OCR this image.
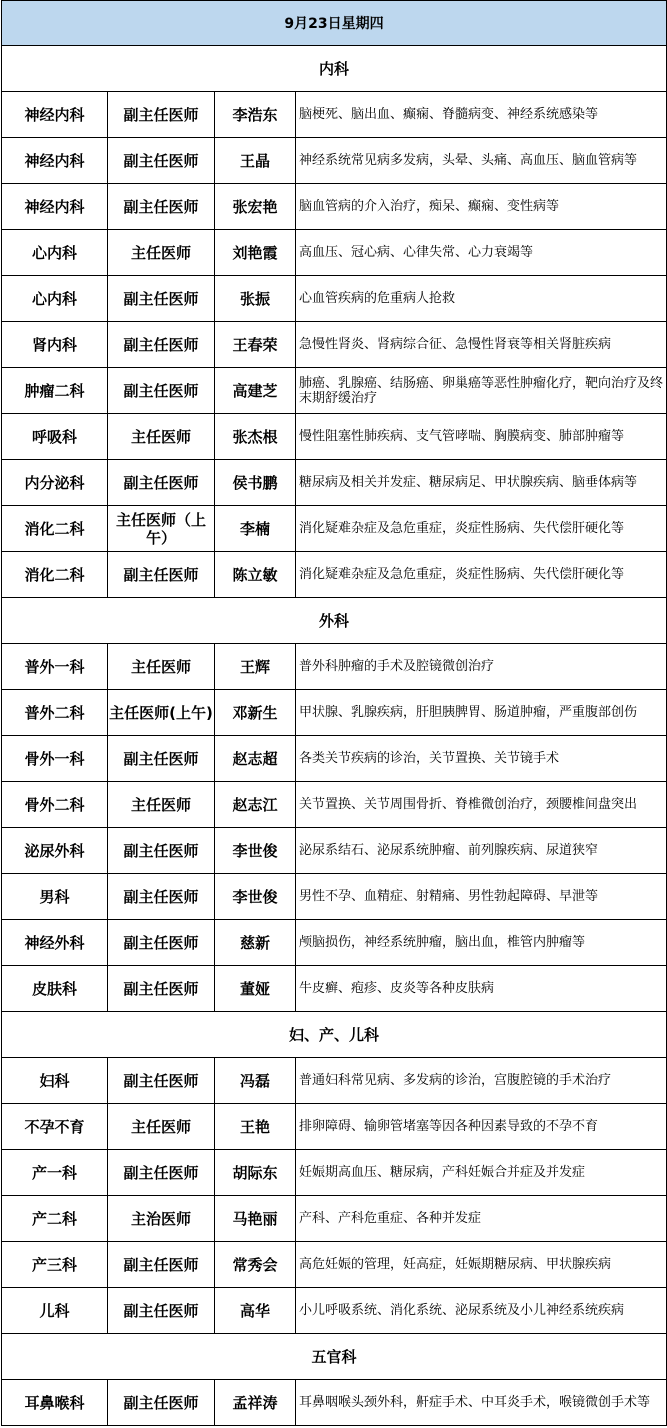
9月23日星期四			
内科			
神经内科	副主任医师	李浩东	脑梗死、脑出血、癫痫、脊髓病变、神经系统感染等
神经内科	副主任医师	王晶	神经系统常见病多发病，头晕、头痛、高血压、脑血管病等
神经内科	副主任医师	张宏艳	脑血管病的介入治疗，痴呆、癫痫、变性病等
心内科	主任医师	刘艳霞	高血压、冠心病、心律失常、心力衰竭等
心内科	副主任医师	张振	心血管疾病的危重病人抢救
肾内科	副主任医师	王春荣	急慢性肾炎、肾病综合征、急慢性肾衰等相关肾脏疾病
肿瘤二科	副主任医师	高建芝	肺癌、乳腺癌、结肠癌、卵巢癌等恶性肿瘤化疗，靶向治疗及终末期舒缓治疗
呼吸科	主任医师	张杰根	慢性阻塞性肺疾病、支气管哮喘、胸膜病变、肺部肿瘤等
内分泌科	副主任医师	侯书鹏	糖尿病及相关并发症、糖尿病足、甲状腺疾病、脑垂体病等
消化二科	主任医师（上午）	李楠	消化疑难杂症及急危重症，炎症性肠病、失代偿肝硬化等
消化二科	副主任医师	陈立敏	消化疑难杂症及急危重症，炎症性肠病、失代偿肝硬化等
外科			
普外一科	主任医师	王辉	普外科肿瘤的手术及腔镜微创治疗
普外二科	主任医师(上午)	邓新生	甲状腺、乳腺疾病，肝胆胰脾胃、肠道肿瘤，严重腹部创伤
骨外一科	副主任医师	赵志超	各类关节疾病的诊治，关节置换、关节镜手术
骨外二科	主任医师	赵志江	关节置换、关节周围骨折、脊椎微创治疗，颈腰椎间盘突出
泌尿外科	副主任医师	李世俊	泌尿系结石、泌尿系统肿瘤、前列腺疾病、尿道狭窄
男科	副主任医师	李世俊	男性不孕、血精症、射精痛、男性勃起障碍、早泄等
神经外科	副主任医师	慈新	颅脑损伤，神经系统肿瘤，脑出血，椎管内肿瘤等
皮肤科	副主任医师	董娅	牛皮癣、疱疹、皮炎等各种皮肤病
妇、产、儿科			
妇科	副主任医师	冯磊	普通妇科常见病、多发病的诊治，宫腹腔镜的手术治疗
不孕不育	主任医师	王艳	排卵障碍、输卵管堵塞等因各种因素导致的不孕不育
产一科	副主任医师	胡际东	妊娠期高血压、糖尿病，产科妊娠合并症及并发症
产二科	主治医师	马艳丽	产科、产科危重症、各种并发症
产三科	副主任医师	常秀会	高危妊娠的管理，妊高症，妊娠期糖尿病、甲状腺疾病
儿科	副主任医师	高华	小儿呼吸系统、消化系统、泌尿系统及小儿神经系统疾病
五官科			
耳鼻喉科	副主任医师	孟祥涛	耳鼻咽喉头颈外科，鼾症手术、中耳炎手术，喉镜微创手术等
